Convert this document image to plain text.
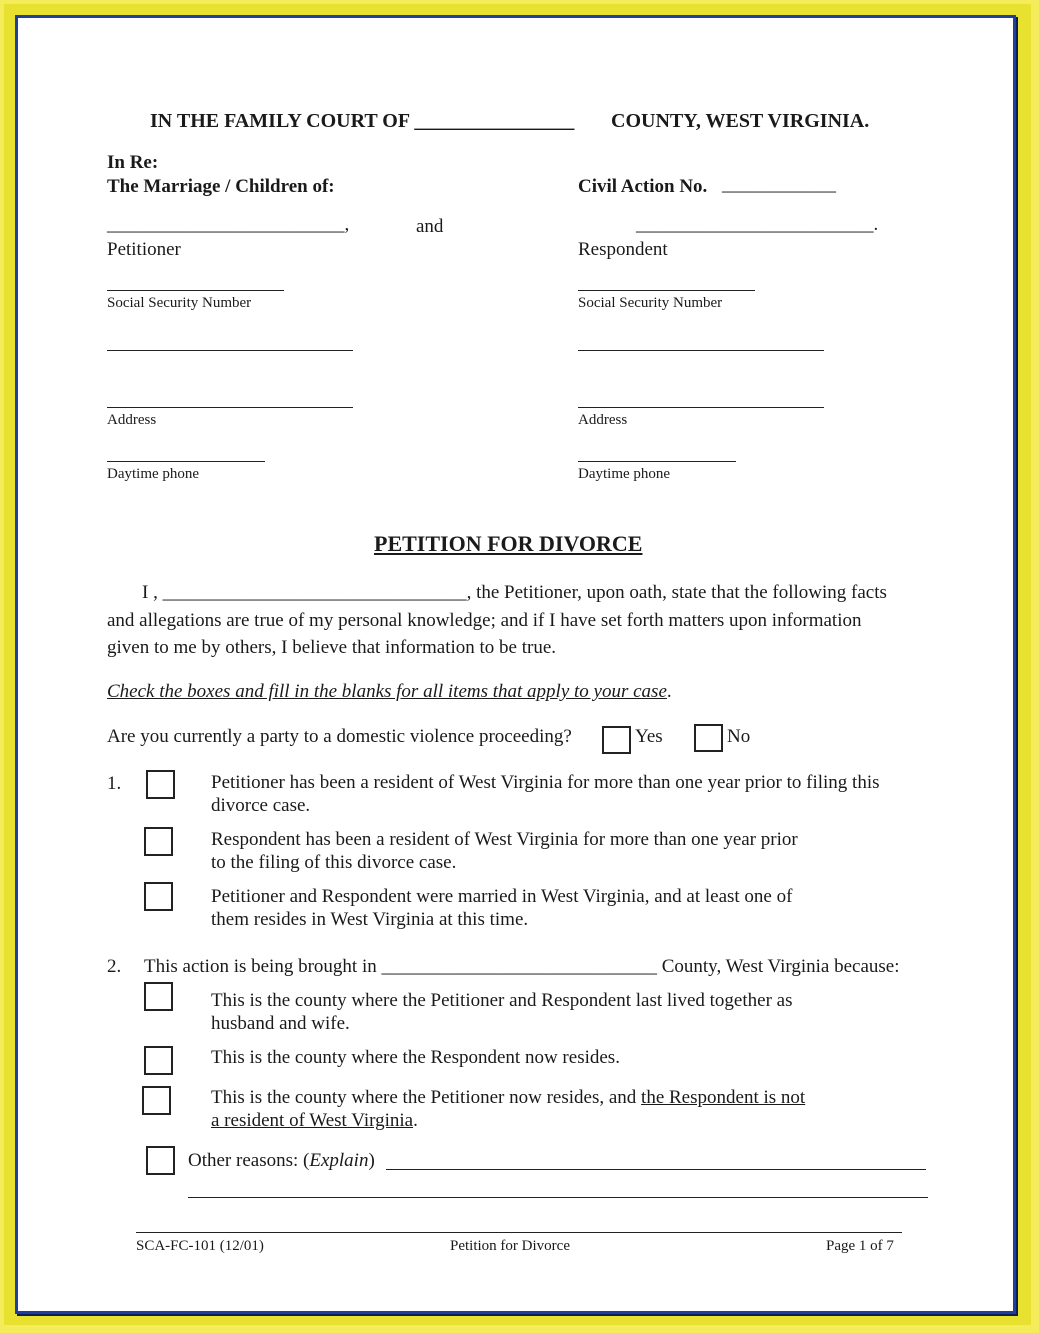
IN THE FAMILY COURT OF ________________ COUNTY, WEST VIRGINIA.
In Re:
The Marriage / Children of:	Civil Action No. ____________
_________________________,	and	_________________________.
Petitioner	Respondent
Social Security Number	Social Security Number
Address	Address
Daytime phone	Daytime phone
PETITION FOR DIVORCE
I , ________________________________, the Petitioner, upon oath, state that the following facts
and allegations are true of my personal knowledge; and if I have set forth matters upon information
given to me by others, I believe that information to be true.
Check the boxes and fill in the blanks for all items that apply to your case.
Are you currently a party to a domestic violence proceeding?	Yes	No
1.	Petitioner has been a resident of West Virginia for more than one year prior to filing this
divorce case.
Respondent has been a resident of West Virginia for more than one year prior
to the filing of this divorce case.
Petitioner and Respondent were married in West Virginia, and at least one of
them resides in West Virginia at this time.
2. This action is being brought in _____________________________ County, West Virginia because:
This is the county where the Petitioner and Respondent last lived together as
husband and wife.
This is the county where the Respondent now resides.
This is the county where the Petitioner now resides, and the Respondent is not
a resident of West Virginia.
Other reasons: (Explain)
SCA-FC-101 (12/01)	Petition for Divorce	Page 1 of 7
